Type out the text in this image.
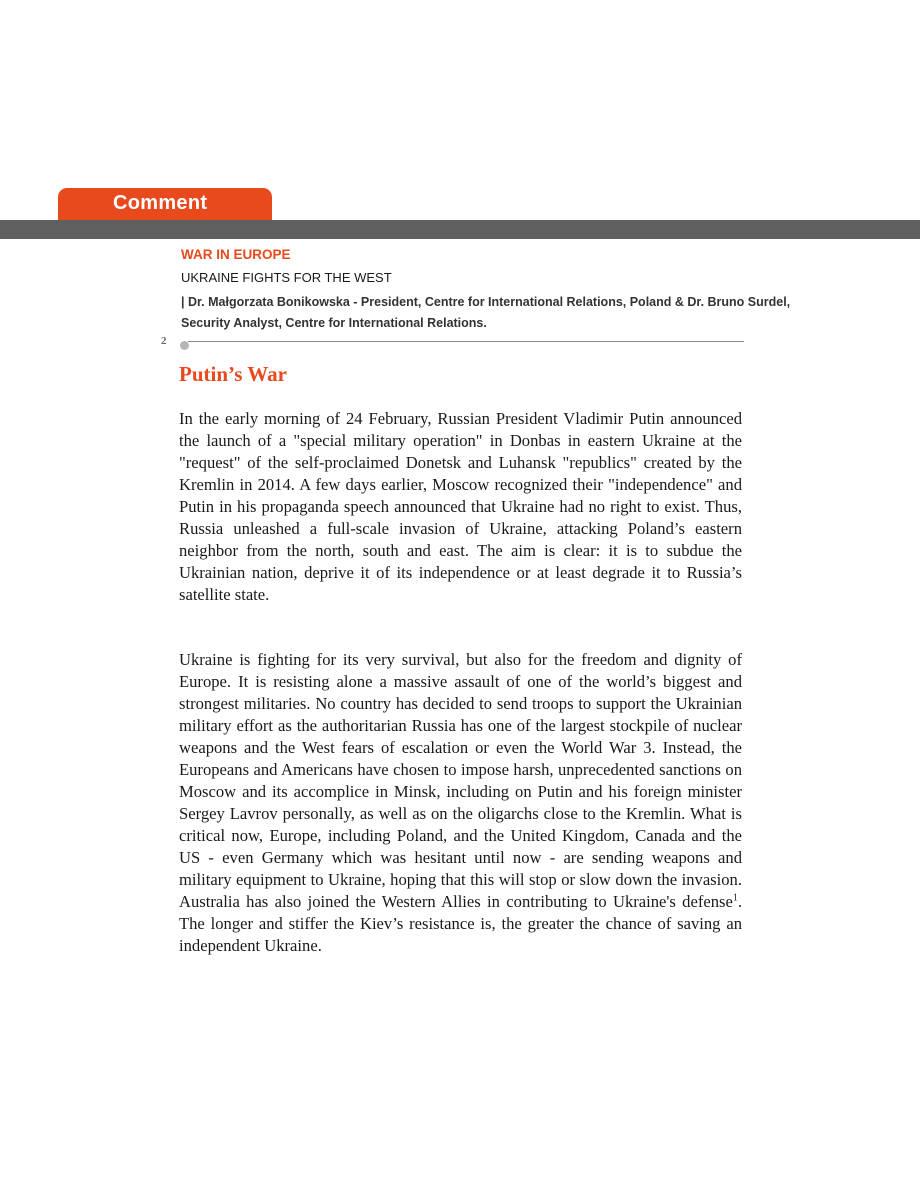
Comment
WAR IN EUROPE
UKRAINE FIGHTS FOR THE WEST
| Dr. Małgorzata Bonikowska - President, Centre for International Relations, Poland & Dr. Bruno Surdel, Security Analyst, Centre for International Relations.
2
Putin’s War

In the early morning of 24 February, Russian President Vladimir Putin announced the launch of a "special military operation" in Donbas in eastern Ukraine at the "request" of the self-proclaimed Donetsk and Luhansk "republics" created by the Kremlin in 2014. A few days earlier, Moscow recognized their "independence" and Putin in his propaganda speech announced that Ukraine had no right to exist. Thus, Russia unleashed a full-scale invasion of Ukraine, attacking Poland’s eastern neighbor from the north, south and east. The aim is clear: it is to subdue the Ukrainian nation, deprive it of its independence or at least degrade it to Russia’s satellite state.

Ukraine is fighting for its very survival, but also for the freedom and dignity of Europe. It is resisting alone a massive assault of one of the world’s biggest and strongest militaries. No country has decided to send troops to support the Ukrainian military effort as the authoritarian Russia has one of the largest stockpile of nuclear weapons and the West fears of escalation or even the World War 3. Instead, the Europeans and Americans have chosen to impose harsh, unprecedented sanctions on Moscow and its accomplice in Minsk, including on Putin and his foreign minister Sergey Lavrov personally, as well as on the oligarchs close to the Kremlin. What is critical now, Europe, including Poland, and the United Kingdom, Canada and the US - even Germany which was hesitant until now - are sending weapons and military equipment to Ukraine, hoping that this will stop or slow down the invasion. Australia has also joined the Western Allies in contributing to Ukraine's defense$^1$. The longer and stiffer the Kiev’s resistance is, the greater the chance of saving an independent Ukraine.
